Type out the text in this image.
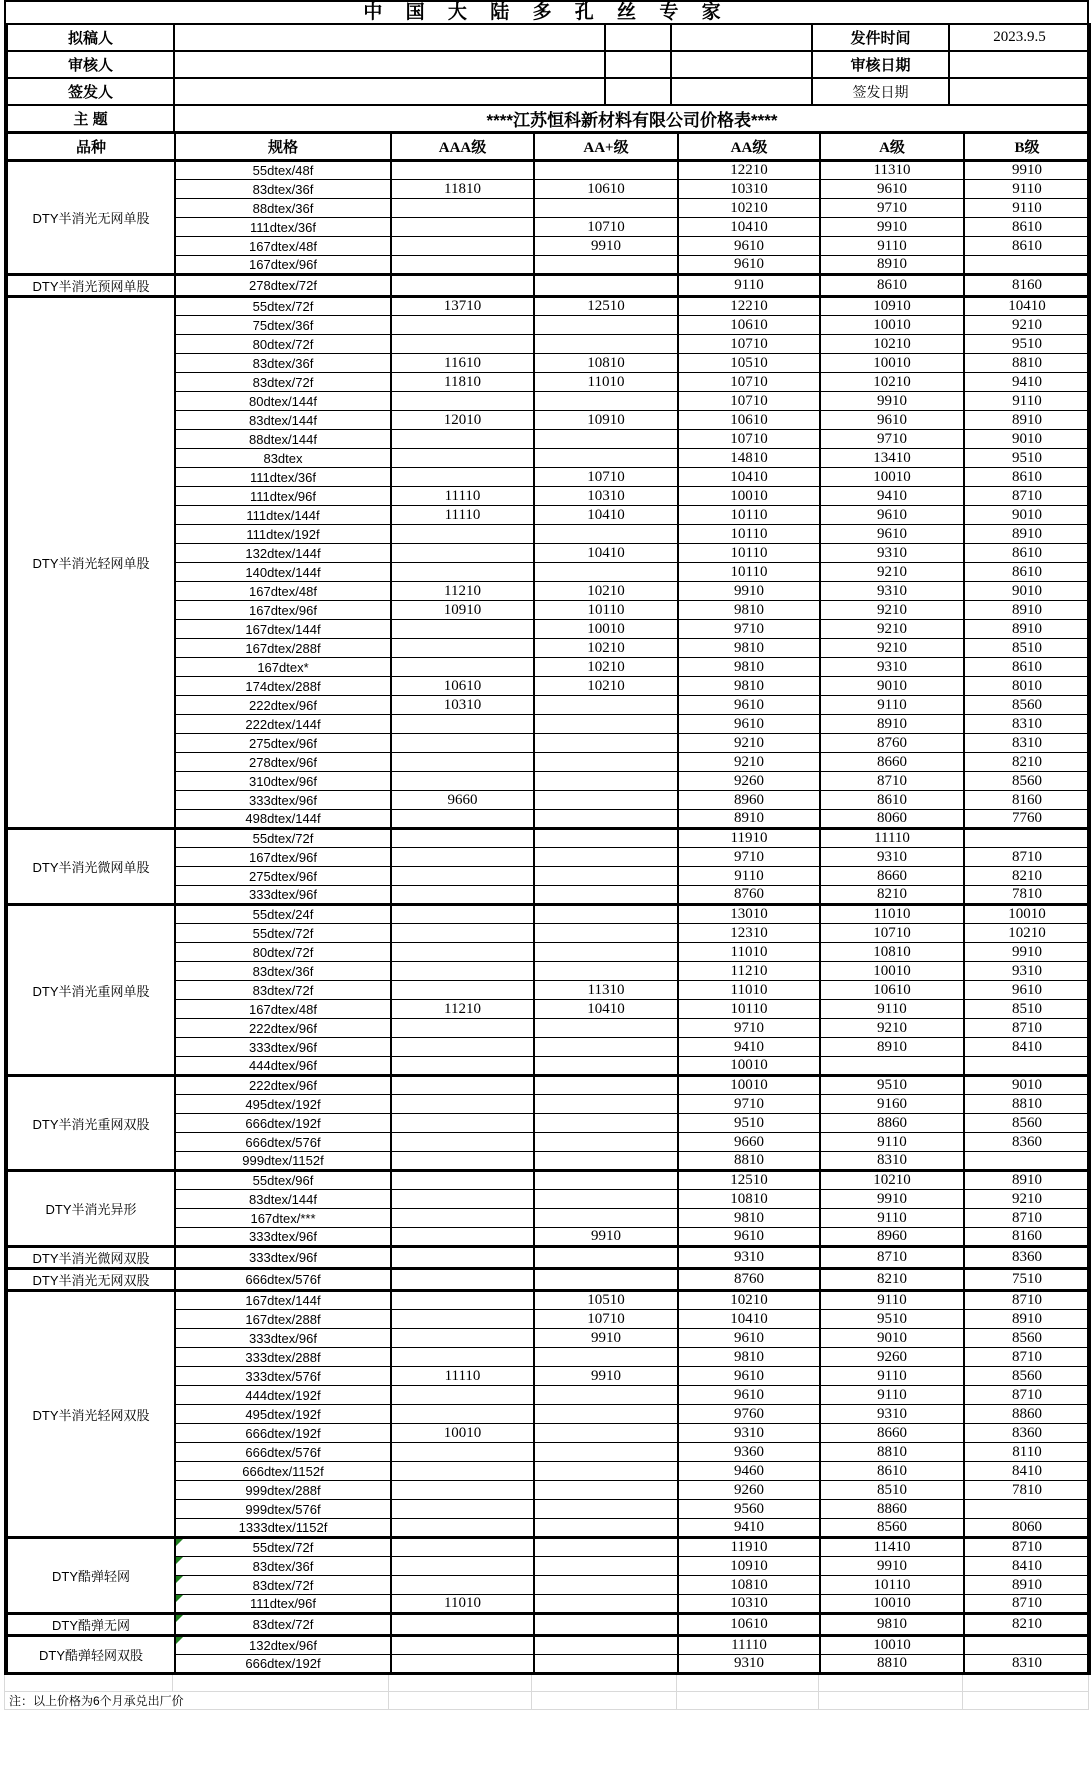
中 国 大 陆 多 孔 丝 专 家
拟稿人				发件时间	2023.9.5
审核人				审核日期	
签发人				签发日期	
主 题	****江苏恒科新材料有限公司价格表****				
品种	规格	AAA级	AA+级	AA级	A级	B级
DTY半消光无网单股	55dtex/48f			12210	11310	9910
	83dtex/36f	11810	10610	10310	9610	9110
	88dtex/36f			10210	9710	9110
	111dtex/36f		10710	10410	9910	8610
	167dtex/48f		9910	9610	9110	8610
	167dtex/96f			9610	8910	
DTY半消光预网单股	278dtex/72f			9110	8610	8160
DTY半消光轻网单股	55dtex/72f	13710	12510	12210	10910	10410
	75dtex/36f			10610	10010	9210
	80dtex/72f			10710	10210	9510
	83dtex/36f	11610	10810	10510	10010	8810
	83dtex/72f	11810	11010	10710	10210	9410
	80dtex/144f			10710	9910	9110
	83dtex/144f	12010	10910	10610	9610	8910
	88dtex/144f			10710	9710	9010
	83dtex			14810	13410	9510
	111dtex/36f		10710	10410	10010	8610
	111dtex/96f	11110	10310	10010	9410	8710
	111dtex/144f	11110	10410	10110	9610	9010
	111dtex/192f			10110	9610	8910
	132dtex/144f		10410	10110	9310	8610
	140dtex/144f			10110	9210	8610
	167dtex/48f	11210	10210	9910	9310	9010
	167dtex/96f	10910	10110	9810	9210	8910
	167dtex/144f		10010	9710	9210	8910
	167dtex/288f		10210	9810	9210	8510
	167dtex*		10210	9810	9310	8610
	174dtex/288f	10610	10210	9810	9010	8010
	222dtex/96f	10310		9610	9110	8560
	222dtex/144f			9610	8910	8310
	275dtex/96f			9210	8760	8310
	278dtex/96f			9210	8660	8210
	310dtex/96f			9260	8710	8560
	333dtex/96f	9660		8960	8610	8160
	498dtex/144f			8910	8060	7760
DTY半消光微网单股	55dtex/72f			11910	11110	
	167dtex/96f			9710	9310	8710
	275dtex/96f			9110	8660	8210
	333dtex/96f			8760	8210	7810
DTY半消光重网单股	55dtex/24f			13010	11010	10010
	55dtex/72f			12310	10710	10210
	80dtex/72f			11010	10810	9910
	83dtex/36f			11210	10010	9310
	83dtex/72f		11310	11010	10610	9610
	167dtex/48f	11210	10410	10110	9110	8510
	222dtex/96f			9710	9210	8710
	333dtex/96f			9410	8910	8410
	444dtex/96f			10010		
DTY半消光重网双股	222dtex/96f			10010	9510	9010
	495dtex/192f			9710	9160	8810
	666dtex/192f			9510	8860	8560
	666dtex/576f			9660	9110	8360
	999dtex/1152f			8810	8310	
DTY半消光异形	55dtex/96f			12510	10210	8910
	83dtex/144f			10810	9910	9210
	167dtex/***			9810	9110	8710
	333dtex/96f		9910	9610	8960	8160
DTY半消光微网双股	333dtex/96f			9310	8710	8360
DTY半消光无网双股	666dtex/576f			8760	8210	7510
DTY半消光轻网双股	167dtex/144f		10510	10210	9110	8710
	167dtex/288f		10710	10410	9510	8910
	333dtex/96f		9910	9610	9010	8560
	333dtex/288f			9810	9260	8710
	333dtex/576f	11110	9910	9610	9110	8560
	444dtex/192f			9610	9110	8710
	495dtex/192f			9760	9310	8860
	666dtex/192f	10010		9310	8660	8360
	666dtex/576f			9360	8810	8110
	666dtex/1152f			9460	8610	8410
	999dtex/288f			9260	8510	7810
	999dtex/576f			9560	8860	
	1333dtex/1152f			9410	8560	8060
DTY酷弹轻网	55dtex/72f			11910	11410	8710
	83dtex/36f			10910	9910	8410
	83dtex/72f			10810	10110	8910
	111dtex/96f	11010		10310	10010	8710
DTY酷弹无网	83dtex/72f			10610	9810	8210
DTY酷弹轻网双股	132dtex/96f			11110	10010	
	666dtex/192f			9310	8810	8310

注：以上价格为6个月承兑出厂价						
